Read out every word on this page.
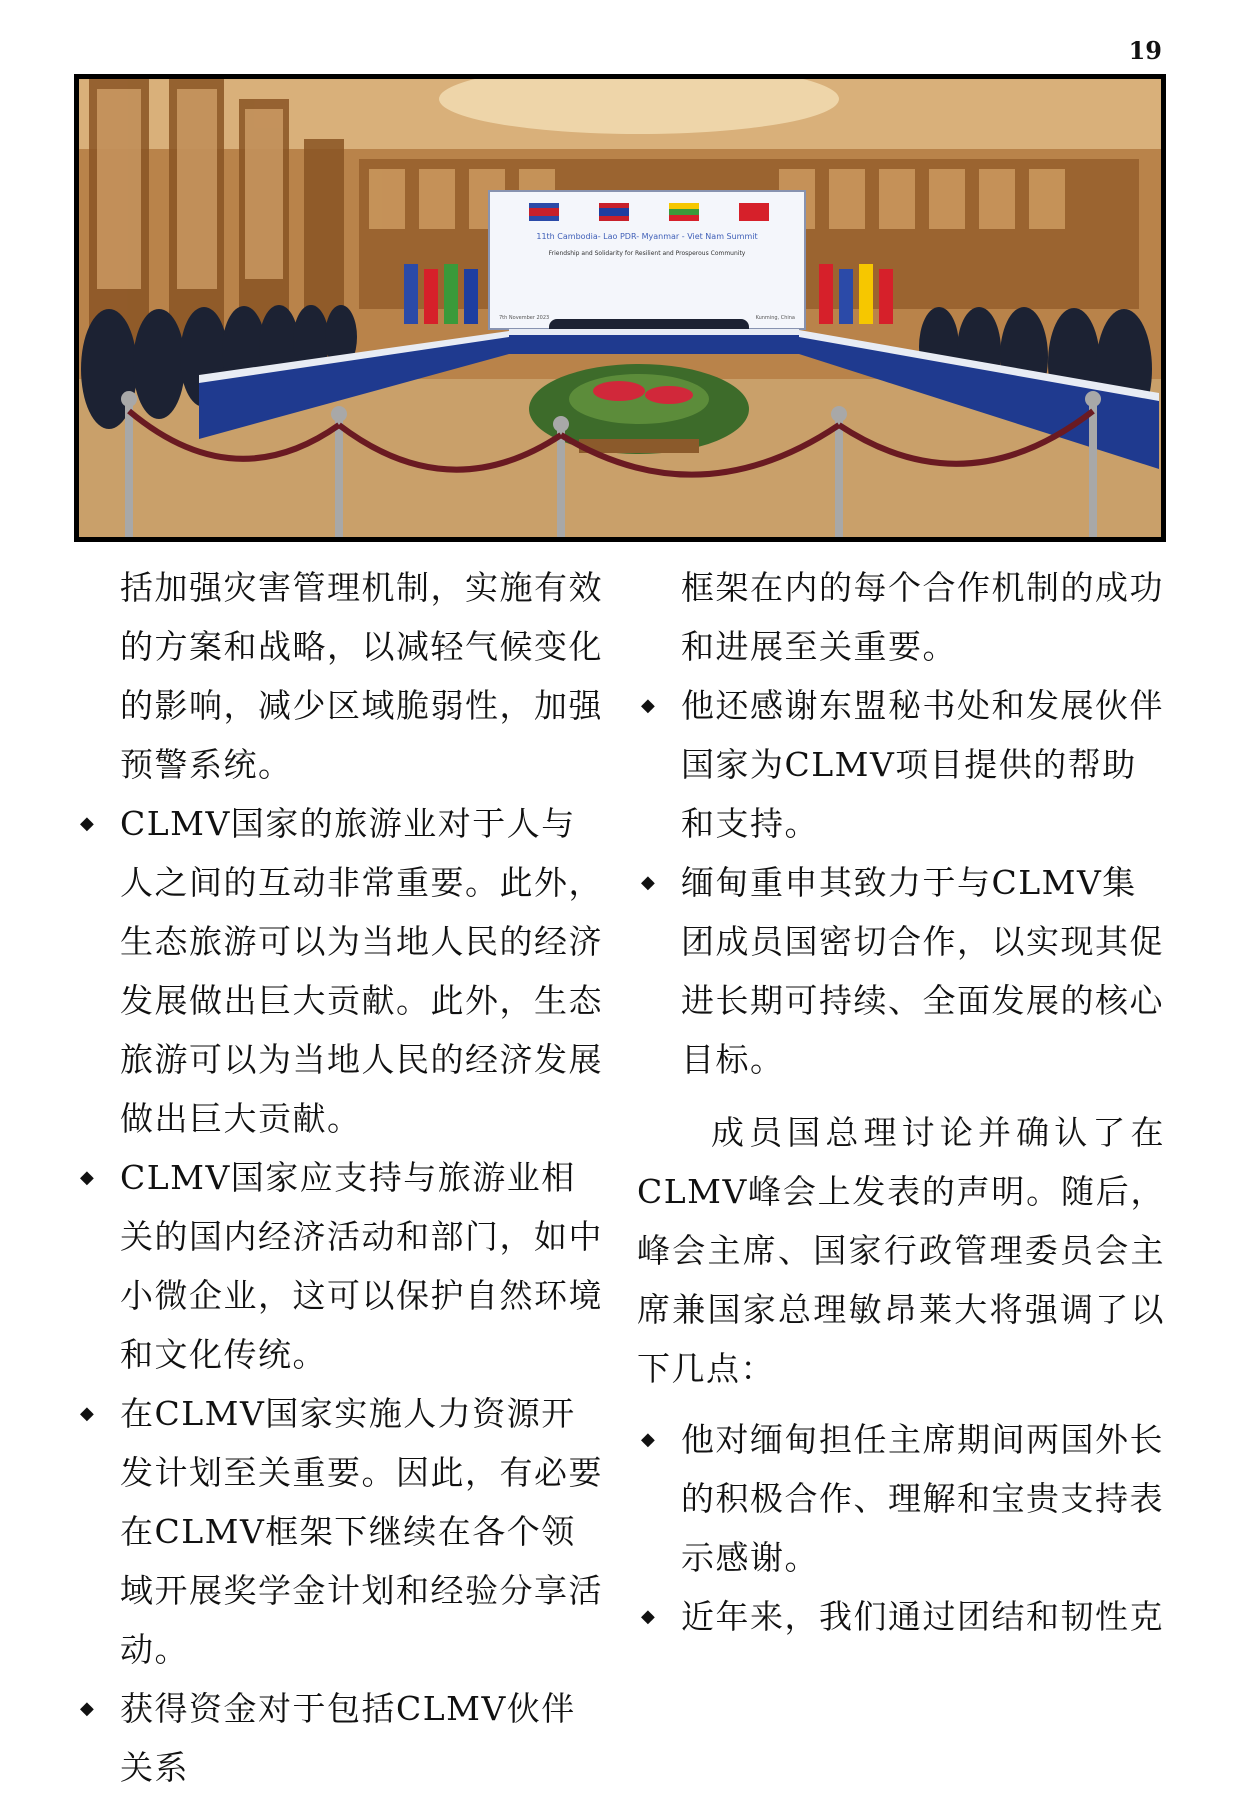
19
11th Cambodia- Lao PDR- Myanmar - Viet Nam Summit
Friendship and Solidarity for Resilient and Prosperous Community
7th November 2023	Kunming, China

括加强灾害管理机制，实施有效的方案和战略，以减轻气候变化的影响，减少区域脆弱性，加强预警系统。

◆ CLMV国家的旅游业对于人与人之间的互动非常重要。此外，生态旅游可以为当地人民的经济发展做出巨大贡献。此外，生态旅游可以为当地人民的经济发展做出巨大贡献。

◆ CLMV国家应支持与旅游业相关的国内经济活动和部门，如中小微企业，这可以保护自然环境和文化传统。

◆ 在CLMV国家实施人力资源开发计划至关重要。因此，有必要在CLMV框架下继续在各个领域开展奖学金计划和经验分享活动。

◆ 获得资金对于包括CLMV伙伴关系

框架在内的每个合作机制的成功和进展至关重要。

◆ 他还感谢东盟秘书处和发展伙伴国家为CLMV项目提供的帮助和支持。

◆ 缅甸重申其致力于与CLMV集团成员国密切合作，以实现其促进长期可持续、全面发展的核心目标。

成员国总理讨论并确认了在CLMV峰会上发表的声明。随后，峰会主席、国家行政管理委员会主席兼国家总理敏昂莱大将强调了以下几点：

◆ 他对缅甸担任主席期间两国外长的积极合作、理解和宝贵支持表示感谢。

◆ 近年来，我们通过团结和韧性克
